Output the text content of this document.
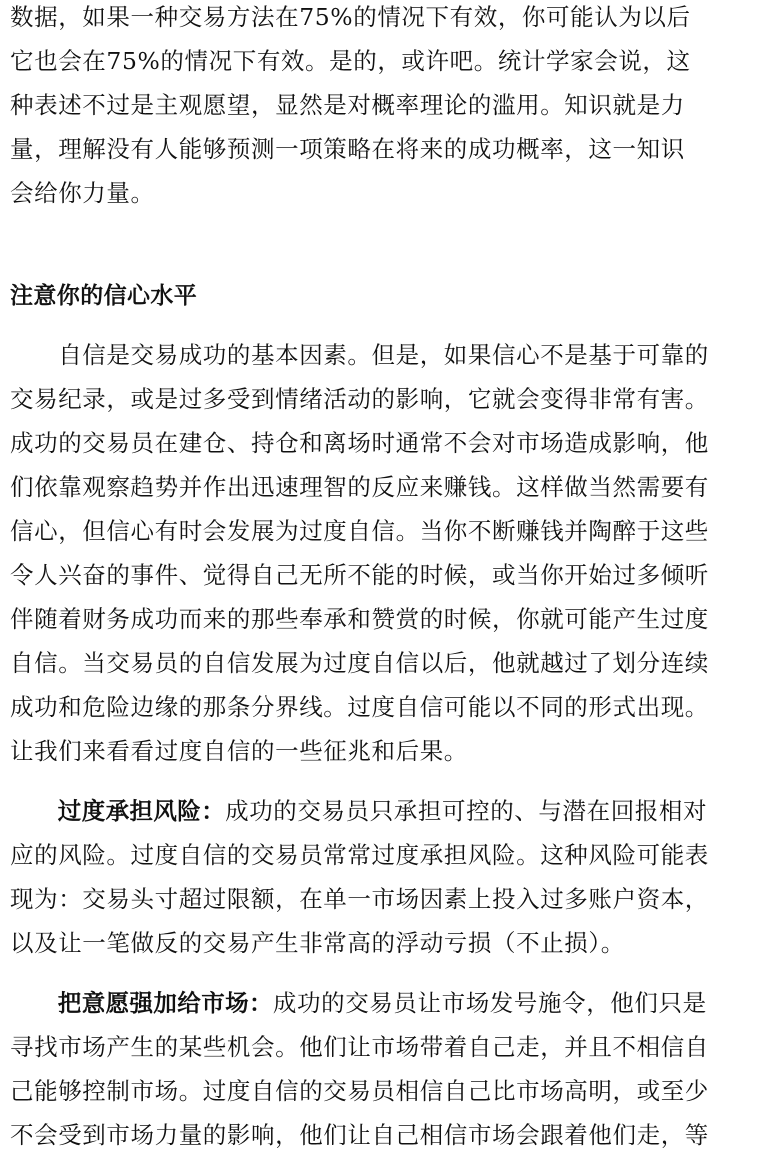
数据，如果一种交易方法在75%的情况下有效，你可能认为以后
它也会在75%的情况下有效。是的，或许吧。统计学家会说，这
种表述不过是主观愿望，显然是对概率理论的滥用。知识就是力
量，理解没有人能够预测一项策略在将来的成功概率，这一知识
会给你力量。
注意你的信心水平
　　自信是交易成功的基本因素。但是，如果信心不是基于可靠的
交易纪录，或是过多受到情绪活动的影响，它就会变得非常有害。
成功的交易员在建仓、持仓和离场时通常不会对市场造成影响，他
们依靠观察趋势并作出迅速理智的反应来赚钱。这样做当然需要有
信心，但信心有时会发展为过度自信。当你不断赚钱并陶醉于这些
令人兴奋的事件、觉得自己无所不能的时候，或当你开始过多倾听
伴随着财务成功而来的那些奉承和赞赏的时候，你就可能产生过度
自信。当交易员的自信发展为过度自信以后，他就越过了划分连续
成功和危险边缘的那条分界线。过度自信可能以不同的形式出现。
让我们来看看过度自信的一些征兆和后果。
　　过度承担风险：成功的交易员只承担可控的、与潜在回报相对
应的风险。过度自信的交易员常常过度承担风险。这种风险可能表
现为：交易头寸超过限额，在单一市场因素上投入过多账户资本，
以及让一笔做反的交易产生非常高的浮动亏损（不止损）。
　　把意愿强加给市场：成功的交易员让市场发号施令，他们只是
寻找市场产生的某些机会。他们让市场带着自己走，并且不相信自
己能够控制市场。过度自信的交易员相信自己比市场高明，或至少
不会受到市场力量的影响，他们让自己相信市场会跟着他们走，等
